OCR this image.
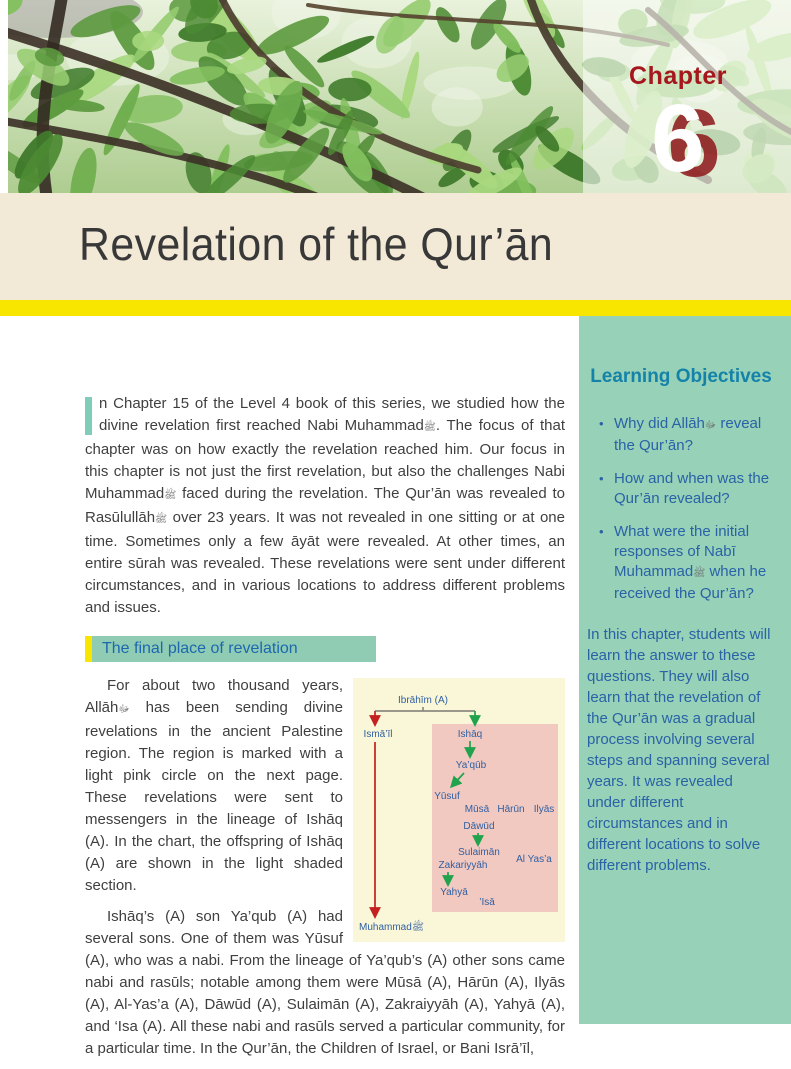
Chapter
6
Revelation of the Qur’ān

n Chapter 15 of the Level 4 book of this series, we studied how the divine revelation first reached Nabi Muhammadﷺ. The focus of that chapter was on how exactly the revelation reached him. Our focus in this chapter is not just the first revelation, but also the challenges Nabi Muhammadﷺ faced during the revelation. The Qur’ān was revealed to Rasūlullāhﷺ over 23 years. It was not revealed in one sitting or at one time. Sometimes only a few āyāt were revealed. At other times, an entire sūrah was revealed. These revelations were sent under different circumstances, and in various locations to address different problems and issues.

The final place of revelation
Ibrāhīm (A)
Ismā’īl	Ishāq
Ya’qūb
Yūsuf
Mūsā Hārūn Ilyās
Dāwūd
Sulaimān
Al Yas’a
Zakariyyāh
Yahyā
’Isā
Muhammadﷺ

For about two thousand years, Allāhﷻ has been sending divine revelations in the ancient Palestine region. The region is marked with a light pink circle on the next page. These revelations were sent to messengers in the lineage of Ishāq (A). In the chart, the offspring of Ishāq (A) are shown in the light shaded section.

Ishāq’s (A) son Ya’qub (A) had several sons. One of them was Yūsuf (A), who was a nabi. From the lineage of Ya’qub’s (A) other sons came nabi and rasūls; notable among them were Mūsā (A), Hārūn (A), Ilyās (A), Al-Yas’a (A), Dāwūd (A), Sulaimān (A), Zakraiyyāh (A), Yahyā (A), and ‘Isa (A). All these nabi and rasūls served a particular community, for a particular time. In the Qur’ān, the Children of Israel, or Bani Isrā’īl,

Learning Objectives
• Why did Allāhﷻ reveal the Qur’ān?
• How and when was the Qur’ān revealed?
• What were the initial responses of Nabī Muhammadﷺ when he received the Qur’ān?

In this chapter, students will learn the answer to these questions. They will also learn that the revelation of the Qur’ān was a gradual process involving several steps and spanning several years. It was revealed under different circumstances and in different locations to solve different problems.
